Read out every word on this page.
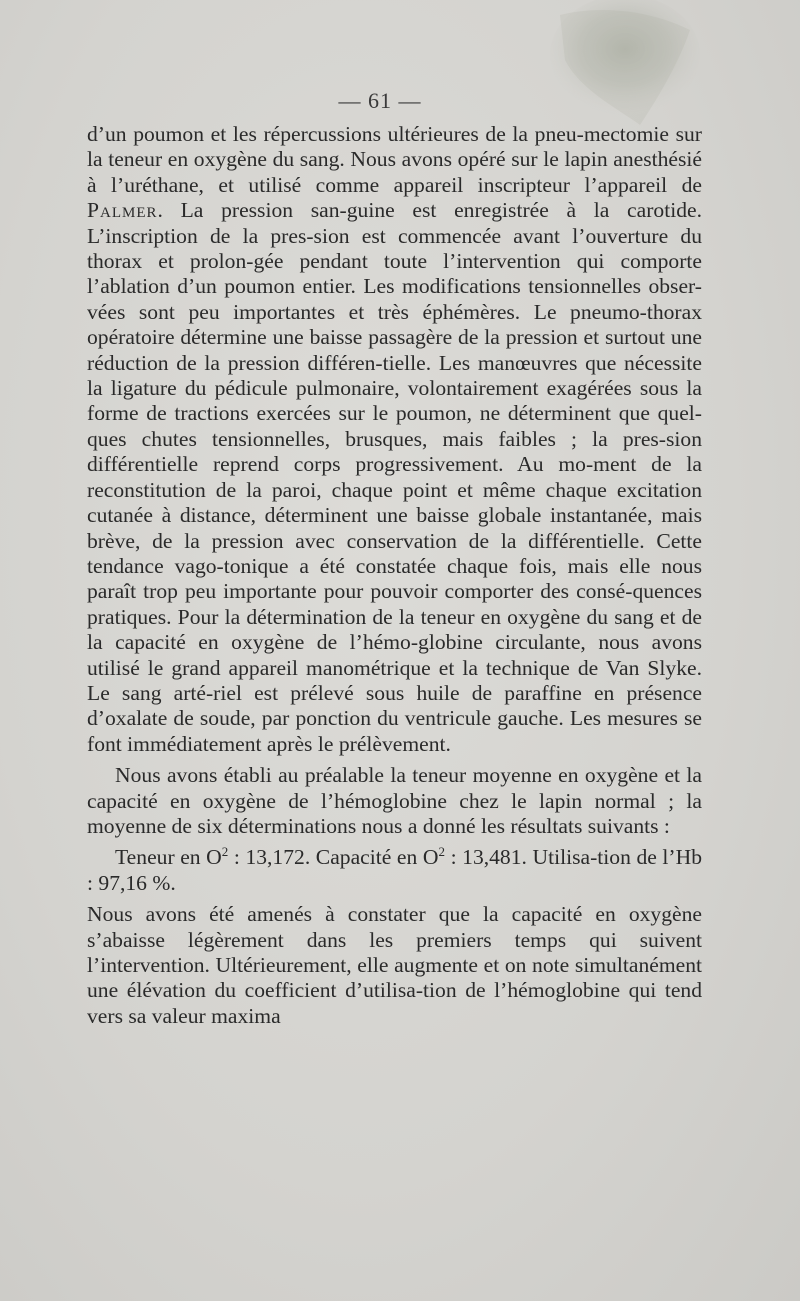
— 61 —

d’un poumon et les répercussions ultérieures de la pneu-mectomie sur la teneur en oxygène du sang. Nous avons opéré sur le lapin anesthésié à l’uréthane, et utilisé comme appareil inscripteur l’appareil de Palmer. La pression san-guine est enregistrée à la carotide. L’inscription de la pres-sion est commencée avant l’ouverture du thorax et prolon-gée pendant toute l’intervention qui comporte l’ablation d’un poumon entier. Les modifications tensionnelles obser-vées sont peu importantes et très éphémères. Le pneumo-thorax opératoire détermine une baisse passagère de la pression et surtout une réduction de la pression différen-tielle. Les manœuvres que nécessite la ligature du pédicule pulmonaire, volontairement exagérées sous la forme de tractions exercées sur le poumon, ne déterminent que quel-ques chutes tensionnelles, brusques, mais faibles ; la pres-sion différentielle reprend corps progressivement. Au mo-ment de la reconstitution de la paroi, chaque point et même chaque excitation cutanée à distance, déterminent une baisse globale instantanée, mais brève, de la pression avec conservation de la différentielle. Cette tendance vago-tonique a été constatée chaque fois, mais elle nous paraît trop peu importante pour pouvoir comporter des consé-quences pratiques. Pour la détermination de la teneur en oxygène du sang et de la capacité en oxygène de l’hémo-globine circulante, nous avons utilisé le grand appareil manométrique et la technique de Van Slyke. Le sang arté-riel est prélevé sous huile de paraffine en présence d’oxalate de soude, par ponction du ventricule gauche. Les mesures se font immédiatement après le prélèvement.

Nous avons établi au préalable la teneur moyenne en oxygène et la capacité en oxygène de l’hémoglobine chez le lapin normal ; la moyenne de six déterminations nous a donné les résultats suivants :

Teneur en $O^2$ : 13,172. Capacité en $O^2$ : 13,481. Utilisa-tion de l’Hb : 97,16 %.

Nous avons été amenés à constater que la capacité en oxygène s’abaisse légèrement dans les premiers temps qui suivent l’intervention. Ultérieurement, elle augmente et on note simultanément une élévation du coefficient d’utilisa-tion de l’hémoglobine qui tend vers sa valeur maxima
